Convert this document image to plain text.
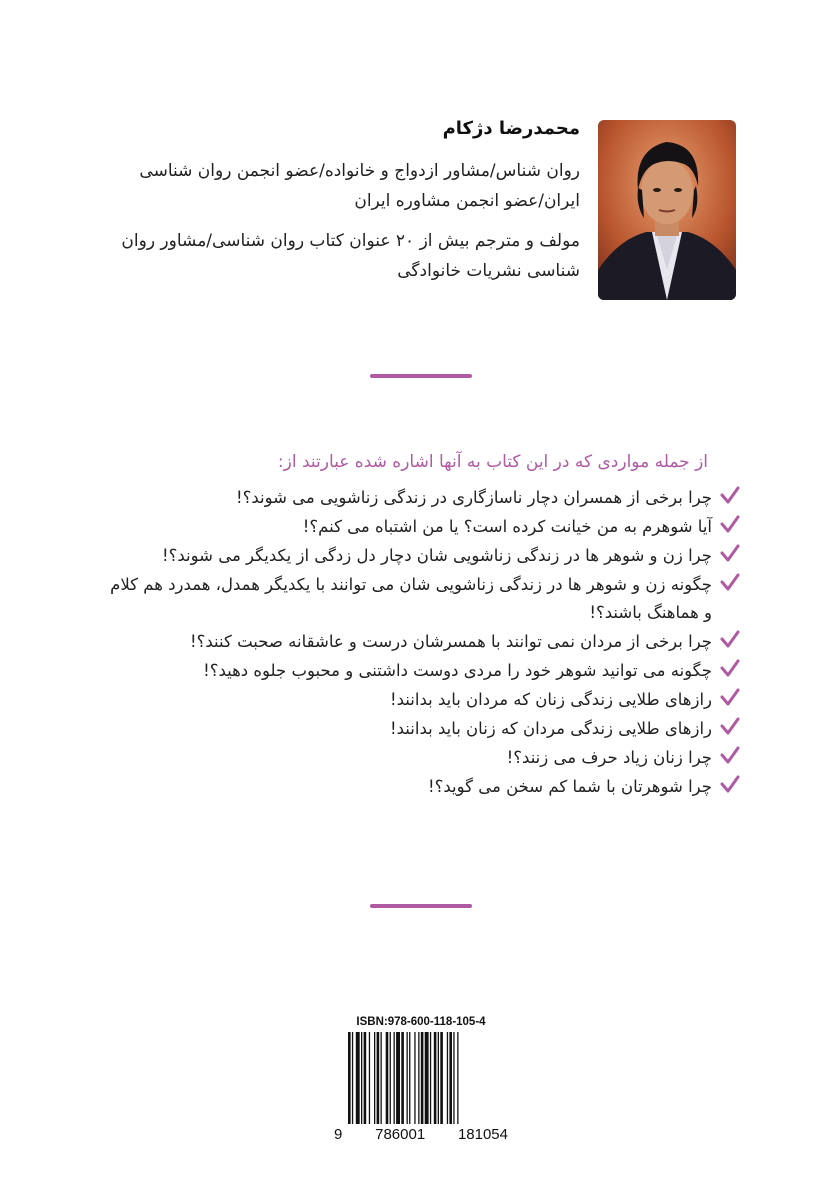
محمدرضا دژکام
روان شناس/مشاور ازدواج و خانواده/عضو انجمن روان شناسی ایران/عضو انجمن مشاوره ایران
مولف و مترجم بیش از ۲۰ عنوان کتاب روان شناسی/مشاور روان شناسی نشریات خانوادگی
از جمله مواردی که در این کتاب به آنها اشاره شده عبارتند از:
چرا برخی از همسران دچار ناسازگاری در زندگی زناشویی می شوند؟!
آیا شوهرم به من خیانت کرده است؟ یا من اشتباه می کنم؟!
چرا زن و شوهر ها در زندگی زناشویی شان دچار دل زدگی از یکدیگر می شوند؟!
چگونه زن و شوهر ها در زندگی زناشویی شان می توانند با یکدیگر همدل، همدرد هم کلام و هماهنگ باشند؟!
چرا برخی از مردان نمی توانند با همسرشان درست و عاشقانه صحبت کنند؟!
چگونه می توانید شوهر خود را مردی دوست داشتنی و محبوب جلوه دهید؟!
رازهای طلایی زندگی زنان که مردان باید بدانند!
رازهای طلایی زندگی مردان که زنان باید بدانند!
چرا زنان زیاد حرف می زنند؟!
چرا شوهرتان با شما کم سخن می گوید؟!
ISBN:978-600-118-105-4
9 786001 181054
